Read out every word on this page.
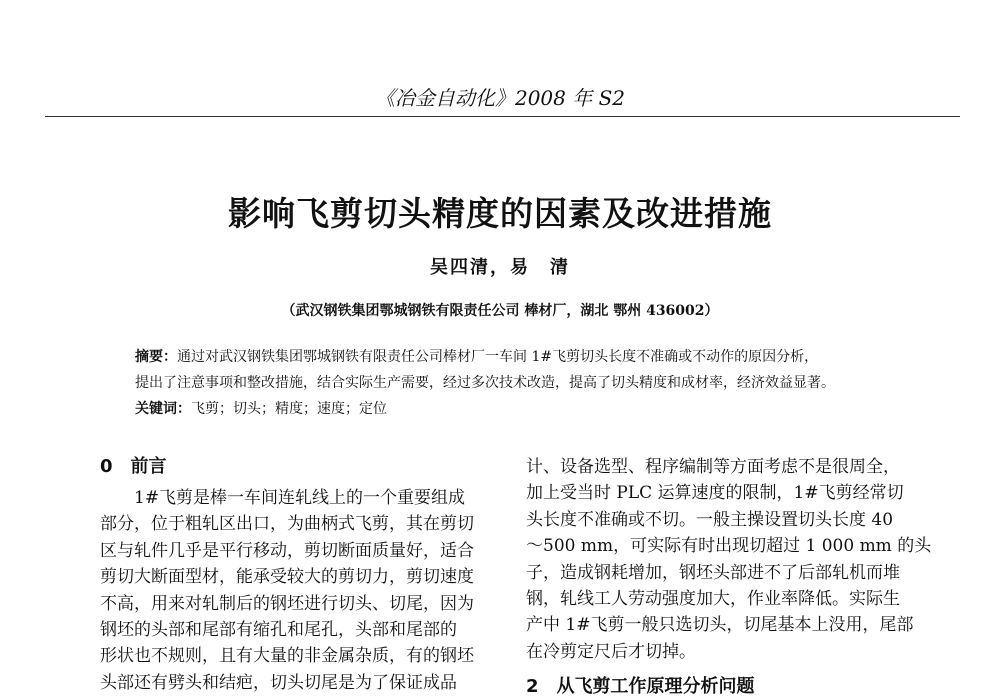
《冶金自动化》2008 年 S2
影响飞剪切头精度的因素及改进措施
吴四清，易　清
（武汉钢铁集团鄂城钢铁有限责任公司 棒材厂，湖北 鄂州 436002）
摘要：通过对武汉钢铁集团鄂城钢铁有限责任公司棒材厂一车间 1#飞剪切头长度不准确或不动作的原因分析，
提出了注意事项和整改措施，结合实际生产需要，经过多次技术改造，提高了切头精度和成材率，经济效益显著。
关键词：飞剪；切头；精度；速度；定位
0　前言
1#飞剪是棒一车间连轧线上的一个重要组成
部分，位于粗轧区出口，为曲柄式飞剪，其在剪切
区与轧件几乎是平行移动，剪切断面质量好，适合
剪切大断面型材，能承受较大的剪切力，剪切速度
不高，用来对轧制后的钢坯进行切头、切尾，因为
钢坯的头部和尾部有缩孔和尾孔，头部和尾部的
形状也不规则，且有大量的非金属杂质，有的钢坯
头部还有劈头和结疤，切头切尾是为了保证成品
计、设备选型、程序编制等方面考虑不是很周全，
加上受当时 PLC 运算速度的限制，1#飞剪经常切
头长度不准确或不切。一般主操设置切头长度 40
～500 mm，可实际有时出现切超过 1 000 mm 的头
子，造成钢耗增加，钢坯头部进不了后部轧机而堆
钢，轧线工人劳动强度加大，作业率降低。实际生
产中 1#飞剪一般只选切头，切尾基本上没用，尾部
在冷剪定尺后才切掉。
2　从飞剪工作原理分析问题
